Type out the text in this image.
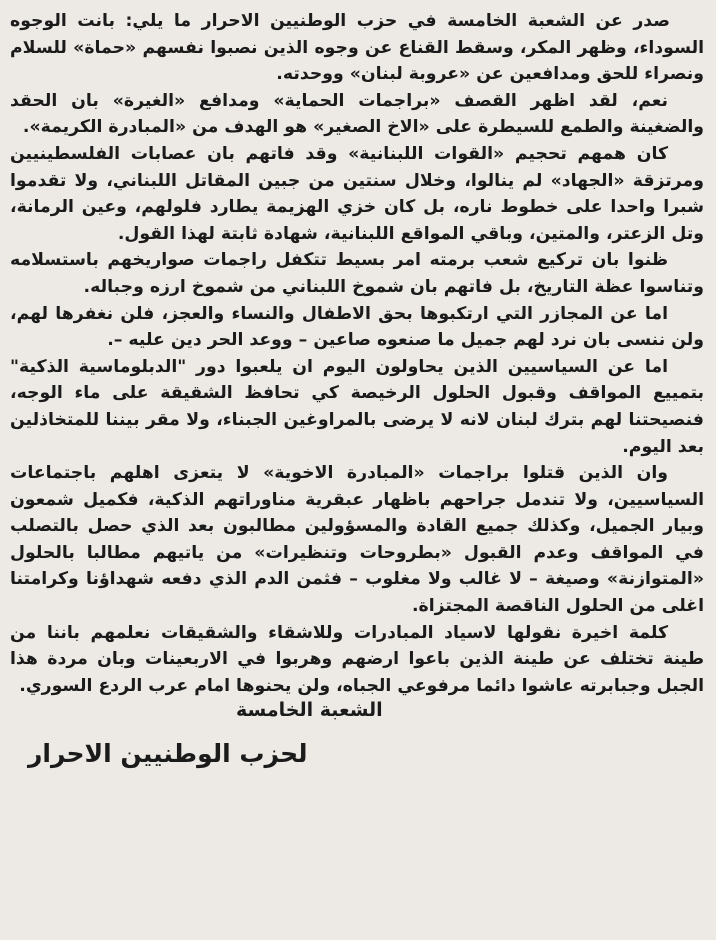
صدر عن الشعبة الخامسة في حزب الوطنيين الاحرار ما يلي: بانت الوجوه السوداء، وظهر المكر، وسقط القناع عن وجوه الذين نصبوا نفسهم «حماة» للسلام ونصراء للحق ومدافعين عن «عروبة لبنان» ووحدته.

نعم، لقد اظهر القصف «براجمات الحماية» ومدافع «الغيرة» بان الحقد والضغينة والطمع للسيطرة على «الاخ الصغير» هو الهدف من «المبادرة الكريمة».

كان همهم تحجيم «القوات اللبنانية» وقد فاتهم بان عصابات الفلسطينيين ومرتزقة «الجهاد» لم ينالوا، وخلال سنتين من جبين المقاتل اللبناني، ولا تقدموا شبرا واحدا على خطوط ناره، بل كان خزي الهزيمة يطارد فلولهم، وعين الرمانة، وتل الزعتر، والمتين، وباقي المواقع اللبنانية، شهادة ثابتة لهذا القول.

ظنوا بان تركيع شعب برمته امر بسيط تتكفل راجمات صواريخهم باستسلامه وتناسوا عظة التاريخ، بل فاتهم بان شموخ اللبناني من شموخ ارزه وجباله.

اما عن المجازر التي ارتكبوها بحق الاطفال والنساء والعجز، فلن نغفرها لهم، ولن ننسى بان نرد لهم جميل ما صنعوه صاعين – ووعد الحر دين عليه –.

اما عن السياسيين الذين يحاولون اليوم ان يلعبوا دور "الدبلوماسية الذكية" بتمييع المواقف وقبول الحلول الرخيصة كي تحافظ الشقيقة على ماء الوجه، فنصيحتنا لهم بترك لبنان لانه لا يرضى بالمراوغين الجبناء، ولا مقر بيننا للمتخاذلين بعد اليوم.

وان الذين قتلوا براجمات «المبادرة الاخوية» لا يتعزى اهلهم باجتماعات السياسيين، ولا تندمل جراحهم باظهار عبقرية مناوراتهم الذكية، فكميل شمعون وبيار الجميل، وكذلك جميع القادة والمسؤولين مطالبون بعد الذي حصل بالتصلب في المواقف وعدم القبول «بطروحات وتنظيرات» من ياتيهم مطالبا بالحلول «المتوازنة» وصيغة – لا غالب ولا مغلوب – فثمن الدم الذي دفعه شهداؤنا وكرامتنا اغلى من الحلول الناقصة المجتزاة.

كلمة اخيرة نقولها لاسياد المبادرات وللاشقاء والشقيقات نعلمهم باننا من طينة تختلف عن طينة الذين باعوا ارضهم وهربوا في الاربعينات وبان مردة هذا الجبل وجبابرته عاشوا دائما مرفوعي الجباه، ولن يحنوها امام عرب الردع السوري.

الشعبة الخامسة
لحزب الوطنيين الاحرار
